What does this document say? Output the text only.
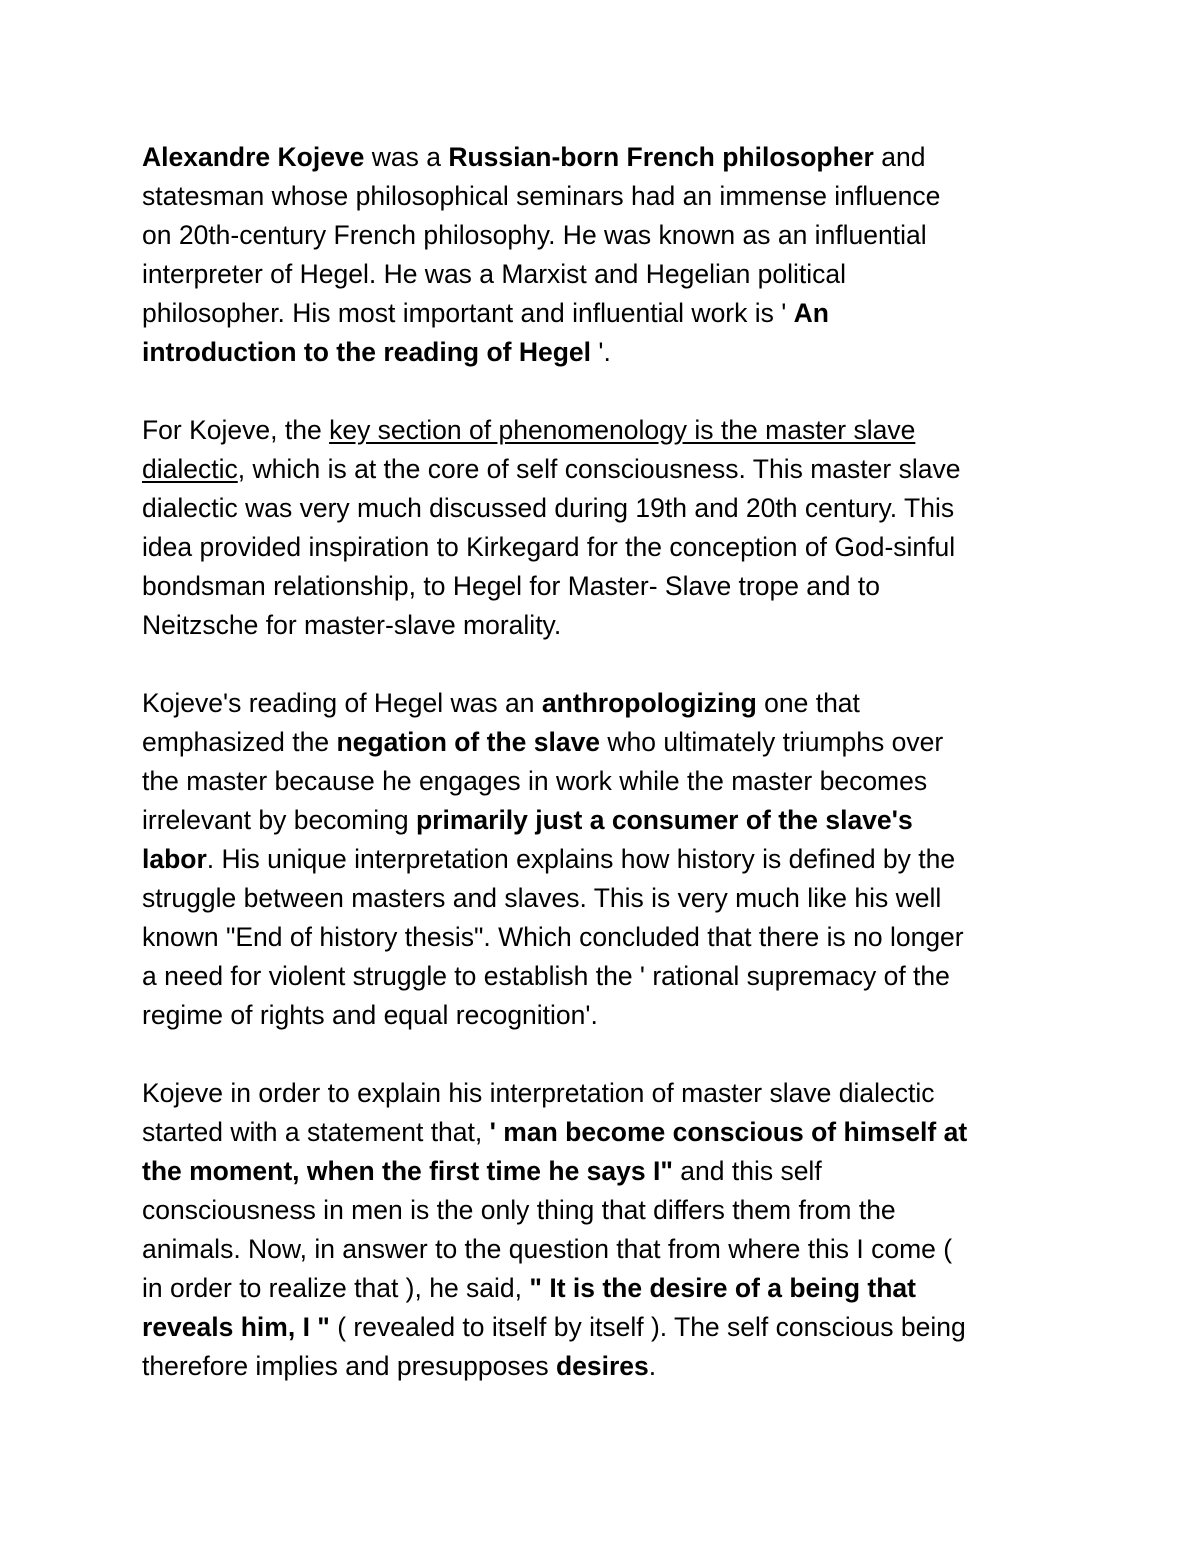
Alexandre Kojeve was a Russian-born French philosopher and
statesman whose philosophical seminars had an immense influence
on 20th-century French philosophy. He was known as an influential
interpreter of Hegel. He was a Marxist and Hegelian political
philosopher. His most important and influential work is ' An
introduction to the reading of Hegel '.

For Kojeve, the key section of phenomenology is the master slave
dialectic, which is at the core of self consciousness. This master slave
dialectic was very much discussed during 19th and 20th century. This
idea provided inspiration to Kirkegard for the conception of God-sinful
bondsman relationship, to Hegel for Master- Slave trope and to
Neitzsche for master-slave morality.

Kojeve's reading of Hegel was an anthropologizing one that
emphasized the negation of the slave who ultimately triumphs over
the master because he engages in work while the master becomes
irrelevant by becoming primarily just a consumer of the slave's
labor. His unique interpretation explains how history is defined by the
struggle between masters and slaves. This is very much like his well
known "End of history thesis". Which concluded that there is no longer
a need for violent struggle to establish the ' rational supremacy of the
regime of rights and equal recognition'.

Kojeve in order to explain his interpretation of master slave dialectic
started with a statement that, ' man become conscious of himself at
the moment, when the first time he says I" and this self
consciousness in men is the only thing that differs them from the
animals. Now, in answer to the question that from where this I come (
in order to realize that ), he said, " It is the desire of a being that
reveals him, I " ( revealed to itself by itself ). The self conscious being
therefore implies and presupposes desires.
